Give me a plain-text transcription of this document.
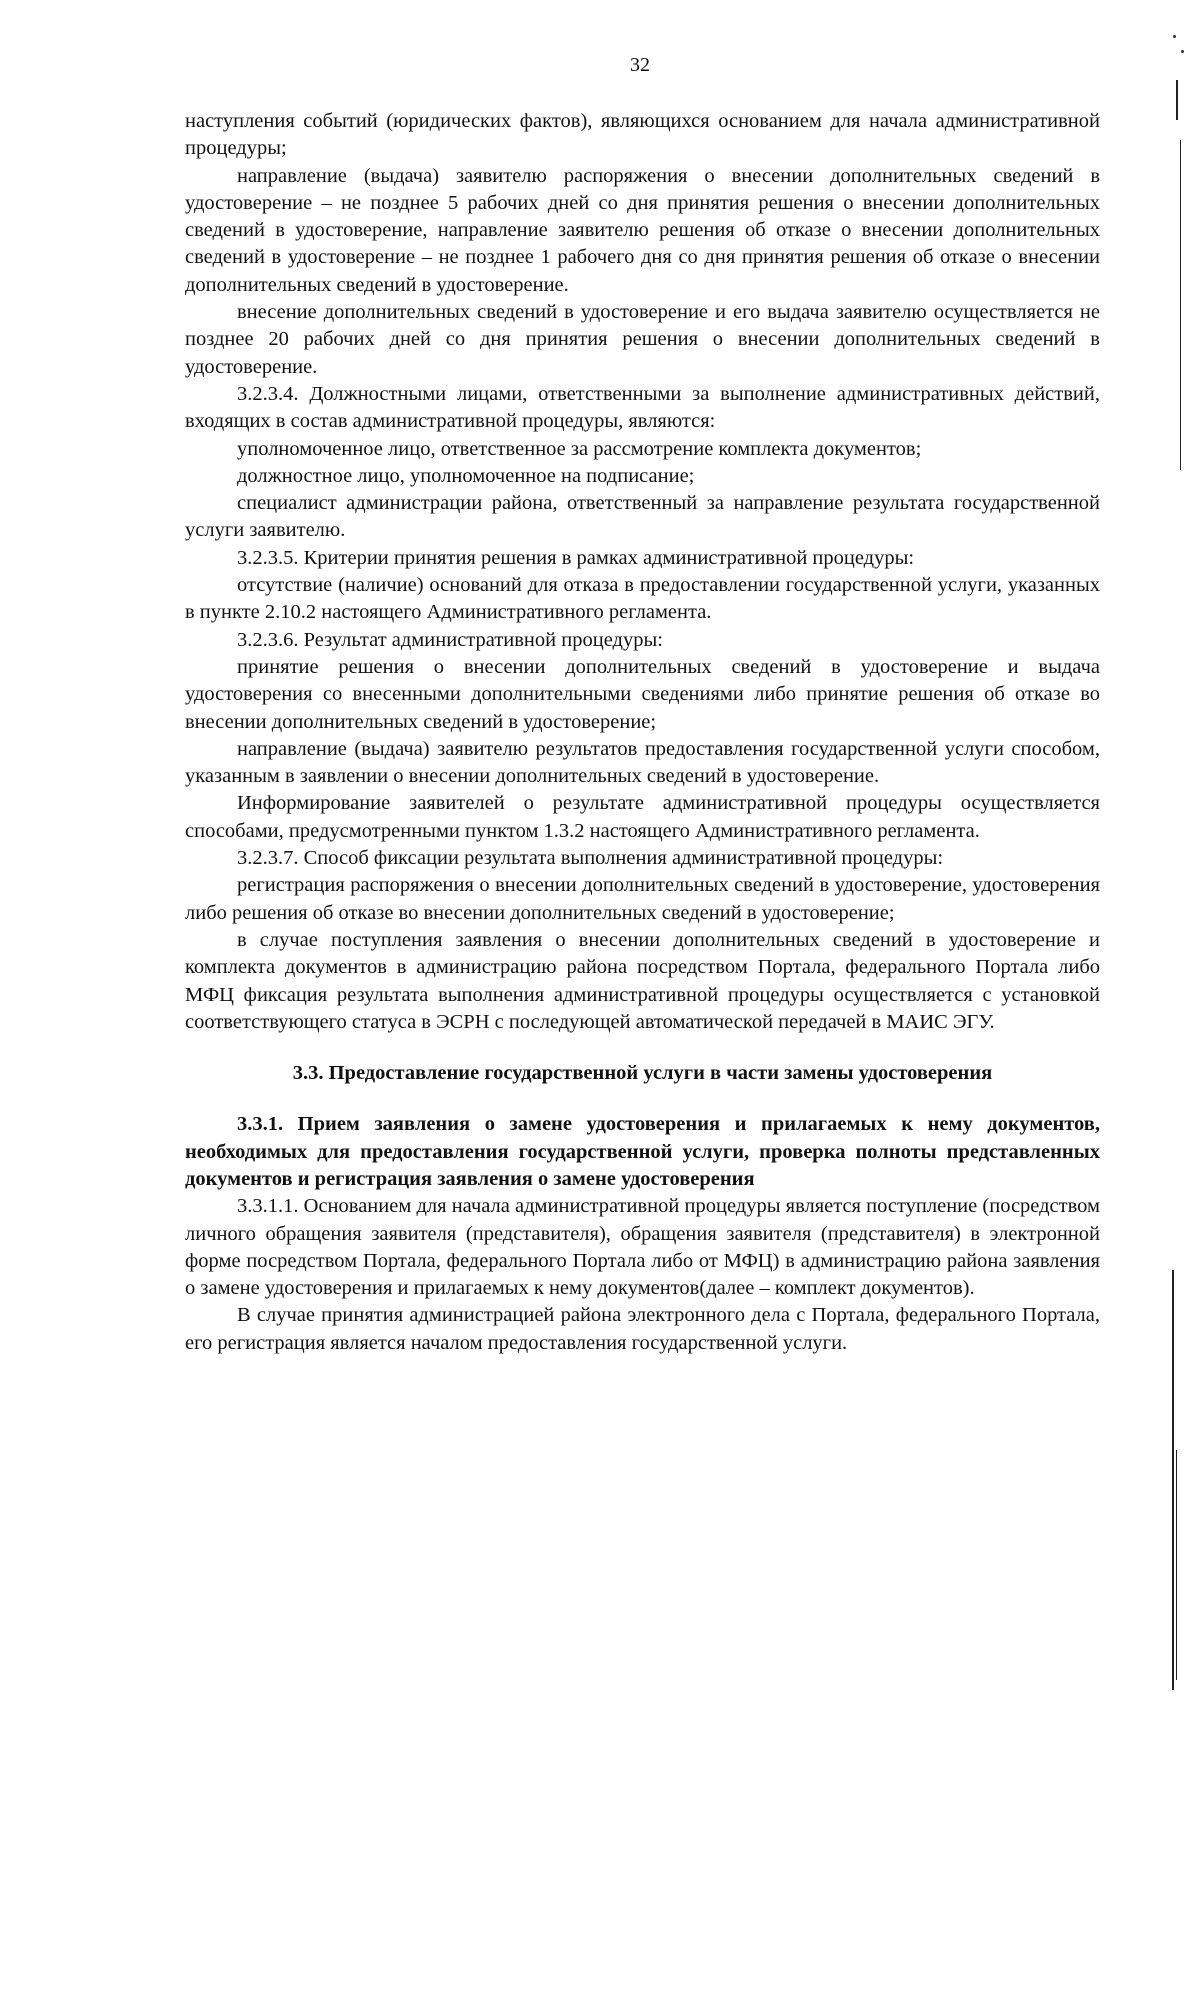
32

наступления событий (юридических фактов), являющихся основанием для начала административной процедуры;

направление (выдача) заявителю распоряжения о внесении дополнительных сведений в удостоверение – не позднее 5 рабочих дней со дня принятия решения о внесении дополнительных сведений в удостоверение, направление заявителю решения об отказе о внесении дополнительных сведений в удостоверение – не позднее 1 рабочего дня со дня принятия решения об отказе о внесении дополнительных сведений в удостоверение.

внесение дополнительных сведений в удостоверение и его выдача заявителю осуществляется не позднее 20 рабочих дней со дня принятия решения о внесении дополнительных сведений в удостоверение.

3.2.3.4. Должностными лицами, ответственными за выполнение административных действий, входящих в состав административной процедуры, являются:

уполномоченное лицо, ответственное за рассмотрение комплекта документов;

должностное лицо, уполномоченное на подписание;

специалист администрации района, ответственный за направление результата государственной услуги заявителю.

3.2.3.5. Критерии принятия решения в рамках административной процедуры:

отсутствие (наличие) оснований для отказа в предоставлении государственной услуги, указанных в пункте 2.10.2 настоящего Административного регламента.

3.2.3.6. Результат административной процедуры:

принятие решения о внесении дополнительных сведений в удостоверение и выдача удостоверения со внесенными дополнительными сведениями либо принятие решения об отказе во внесении дополнительных сведений в удостоверение;

направление (выдача) заявителю результатов предоставления государственной услуги способом, указанным в заявлении о внесении дополнительных сведений в удостоверение.

Информирование заявителей о результате административной процедуры осуществляется способами, предусмотренными пунктом 1.3.2 настоящего Административного регламента.

3.2.3.7. Способ фиксации результата выполнения административной процедуры:

регистрация распоряжения о внесении дополнительных сведений в удостоверение, удостоверения либо решения об отказе во внесении дополнительных сведений в удостоверение;

в случае поступления заявления о внесении дополнительных сведений в удостоверение и комплекта документов в администрацию района посредством Портала, федерального Портала либо МФЦ фиксация результата выполнения административной процедуры осуществляется с установкой соответствующего статуса в ЭСРН с последующей автоматической передачей в МАИС ЭГУ.

3.3. Предоставление государственной услуги в части замены удостоверения

3.3.1. Прием заявления о замене удостоверения и прилагаемых к нему документов, необходимых для предоставления государственной услуги, проверка полноты представленных документов и регистрация заявления о замене удостоверения

3.3.1.1. Основанием для начала административной процедуры является поступление (посредством личного обращения заявителя (представителя), обращения заявителя (представителя) в электронной форме посредством Портала, федерального Портала либо от МФЦ) в администрацию района заявления о замене удостоверения и прилагаемых к нему документов(далее – комплект документов).

В случае принятия администрацией района электронного дела с Портала, федерального Портала, его регистрация является началом предоставления государственной услуги.
